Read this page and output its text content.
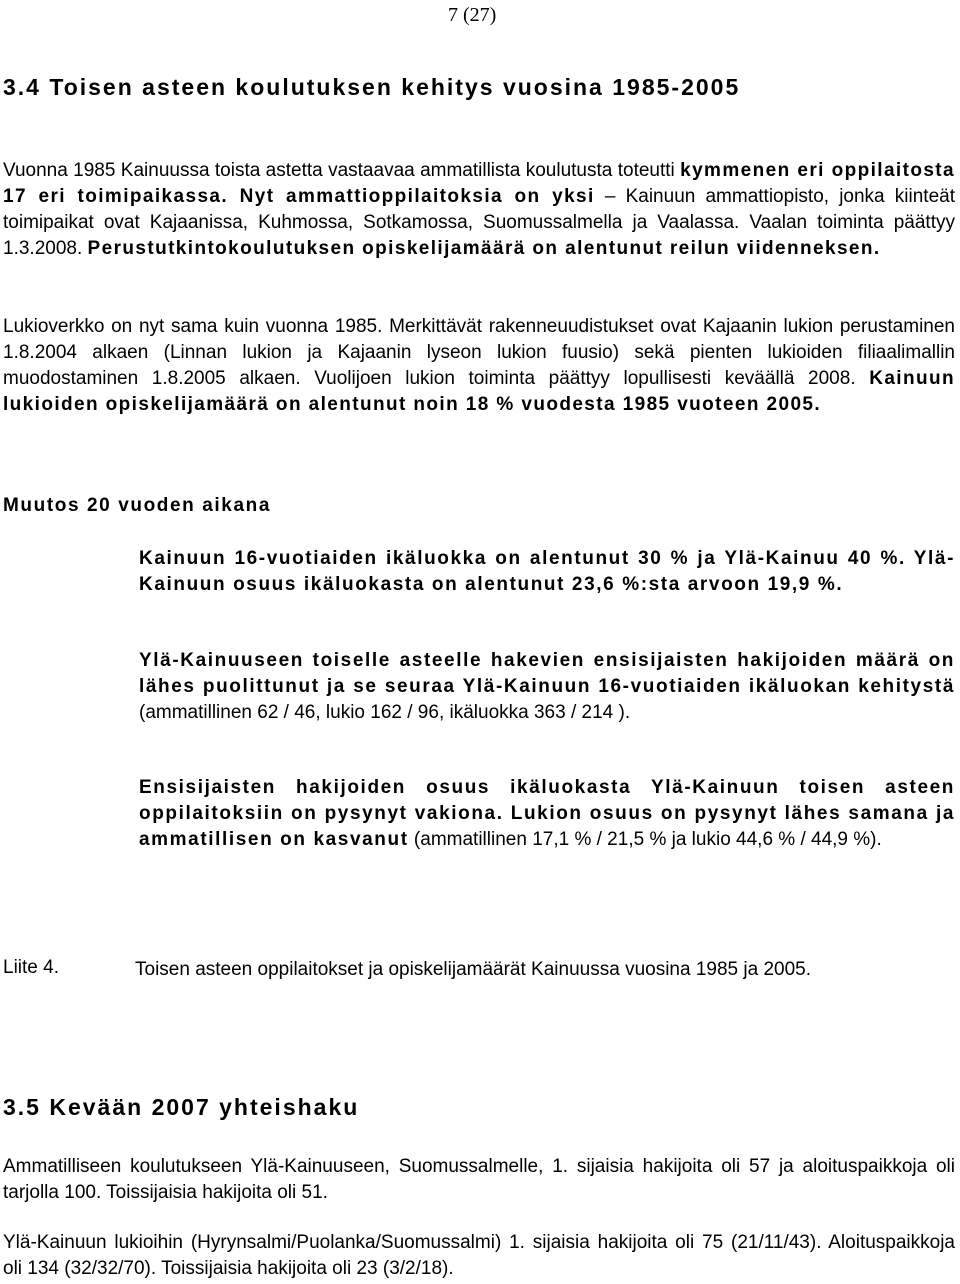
7 (27)
3.4 Toisen asteen koulutuksen kehitys vuosina 1985-2005
Vuonna 1985 Kainuussa toista astetta vastaavaa ammatillista koulutusta toteutti kymmenen eri oppilaitosta 17 eri toimipaikassa. Nyt ammattioppilaitoksia on yksi – Kainuun ammattiopisto, jonka kiinteät toimipaikat ovat Kajaanissa, Kuhmossa, Sotkamossa, Suomussalmella ja Vaalassa. Vaalan toiminta päättyy 1.3.2008. Perustutkintokoulutuksen opiskelijamäärä on alentunut reilun viidenneksen.
Lukioverkko on nyt sama kuin vuonna 1985. Merkittävät rakenneuudistukset ovat Kajaanin lukion perustaminen 1.8.2004 alkaen (Linnan lukion ja Kajaanin lyseon lukion fuusio) sekä pienten lukioiden filiaalimallin muodostaminen 1.8.2005 alkaen. Vuolijoen lukion toiminta päättyy lopullisesti keväällä 2008. Kainuun lukioiden opiskelijamäärä on alentunut noin 18 % vuodesta 1985 vuoteen 2005.
Muutos 20 vuoden aikana
Kainuun 16-vuotiaiden ikäluokka on alentunut 30 % ja Ylä-Kainuu 40 %. Ylä-Kainuun osuus ikäluokasta on alentunut 23,6 %:sta arvoon 19,9 %.
Ylä-Kainuuseen toiselle asteelle hakevien ensisijaisten hakijoiden määrä on lähes puolittunut ja se seuraa Ylä-Kainuun 16-vuotiaiden ikäluokan kehitystä (ammatillinen 62 / 46, lukio 162 / 96, ikäluokka 363 / 214 ).
Ensisijaisten hakijoiden osuus ikäluokasta Ylä-Kainuun toisen asteen oppilaitoksiin on pysynyt vakiona. Lukion osuus on pysynyt lähes samana ja ammatillisen on kasvanut (ammatillinen 17,1 % / 21,5 % ja lukio 44,6 % / 44,9 %).
Liite 4.	Toisen asteen oppilaitokset ja opiskelijamäärät Kainuussa vuosina 1985 ja 2005.
3.5 Kevään 2007 yhteishaku
Ammatilliseen koulutukseen Ylä-Kainuuseen, Suomussalmelle, 1. sijaisia hakijoita oli 57 ja aloituspaikkoja oli tarjolla 100. Toissijaisia hakijoita oli 51.
Ylä-Kainuun lukioihin (Hyrynsalmi/Puolanka/Suomussalmi) 1. sijaisia hakijoita oli 75 (21/11/43). Aloituspaikkoja oli 134 (32/32/70). Toissijaisia hakijoita oli 23 (3/2/18).
